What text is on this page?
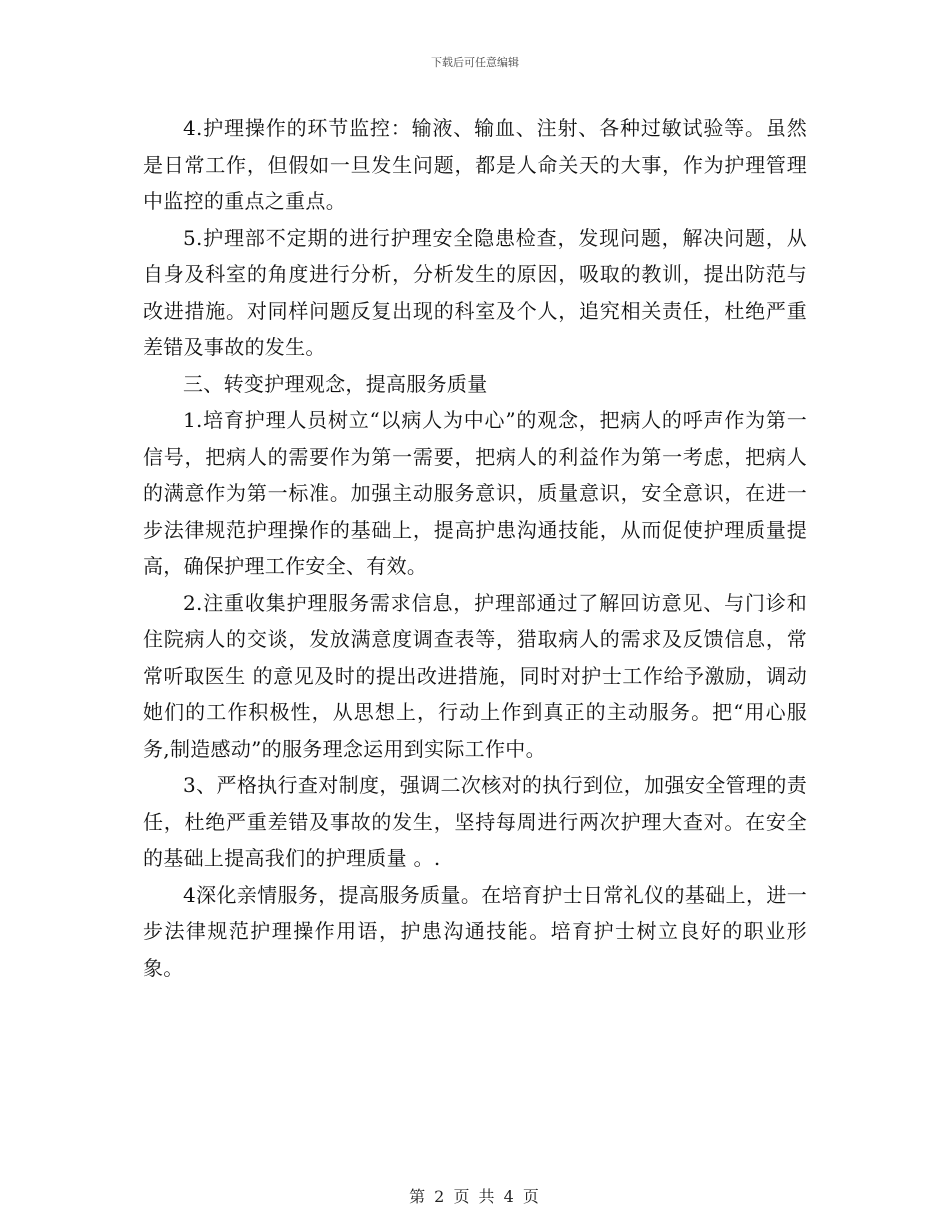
下载后可任意编辑

4.护理操作的环节监控：输液、输血、注射、各种过敏试验等。虽然是日常工作，但假如一旦发生问题，都是人命关天的大事，作为护理管理中监控的重点之重点。

5.护理部不定期的进行护理安全隐患检查，发现问题，解决问题，从自身及科室的角度进行分析，分析发生的原因，吸取的教训，提出防范与改进措施。对同样问题反复出现的科室及个人，追究相关责任，杜绝严重差错及事故的发生。

三、转变护理观念，提高服务质量

1.培育护理人员树立“以病人为中心”的观念，把病人的呼声作为第一信号，把病人的需要作为第一需要，把病人的利益作为第一考虑，把病人的满意作为第一标准。加强主动服务意识，质量意识，安全意识，在进一步法律规范护理操作的基础上，提高护患沟通技能，从而促使护理质量提高，确保护理工作安全、有效。

2.注重收集护理服务需求信息，护理部通过了解回访意见、与门诊和住院病人的交谈，发放满意度调查表等，猎取病人的需求及反馈信息，常常听取医生 的意见及时的提出改进措施，同时对护士工作给予激励，调动她们的工作积极性，从思想上，行动上作到真正的主动服务。把“用心服务,制造感动”的服务理念运用到实际工作中。

3、严格执行查对制度，强调二次核对的执行到位，加强安全管理的责任，杜绝严重差错及事故的发生，坚持每周进行两次护理大查对。在安全的基础上提高我们的护理质量 。.

4深化亲情服务，提高服务质量。在培育护士日常礼仪的基础上，进一步法律规范护理操作用语，护患沟通技能。培育护士树立良好的职业形象。

第 2 页 共 4 页
